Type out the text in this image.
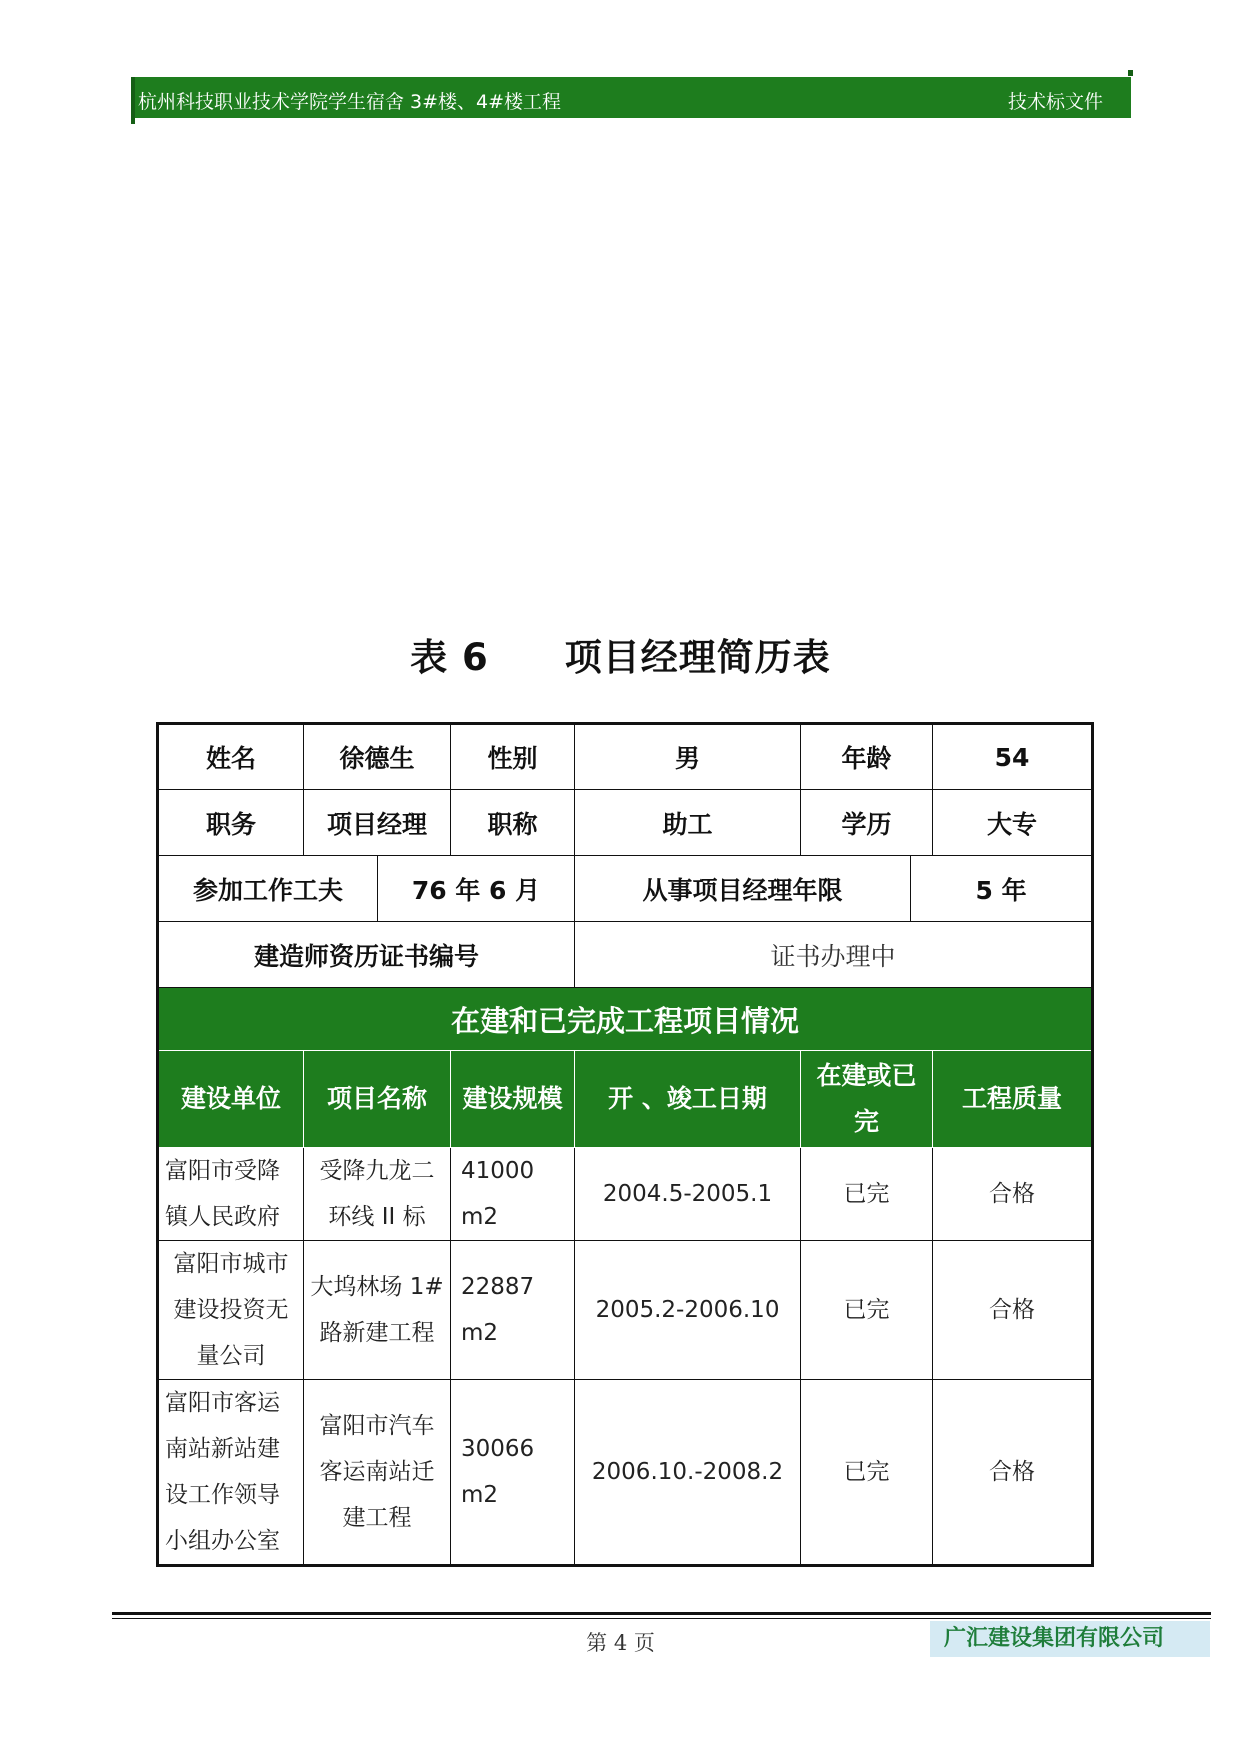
杭州科技职业技术学院学生宿舍 3#楼、4#楼工程	技术标文件
表 6　　项目经理简历表
姓名	徐德生		性别	男	年龄		54
职务	项目经理		职称	助工	学历		大专
参加工作工夫		76 年 6 月		从事项目经理年限		5 年	
建造师资历证书编号				证书办理中			
在建和已完成工程项目情况							
建设单位	项目名称		建设规模	开 、竣工日期	在建或已完		工程质量
富阳市受降镇人民政府	受降九龙二环线 II 标		41000 m2	2004.5-2005.1	已完		合格
富阳市城市建设投资无量公司	大坞林场 1#路新建工程		22887 m2	2005.2-2006.10	已完		合格
富阳市客运南站新站建设工作领导小组办公室	富阳市汽车客运南站迁建工程		30066 m2	2006.10.-2008.2	已完		合格
第 4 页	广汇建设集团有限公司
